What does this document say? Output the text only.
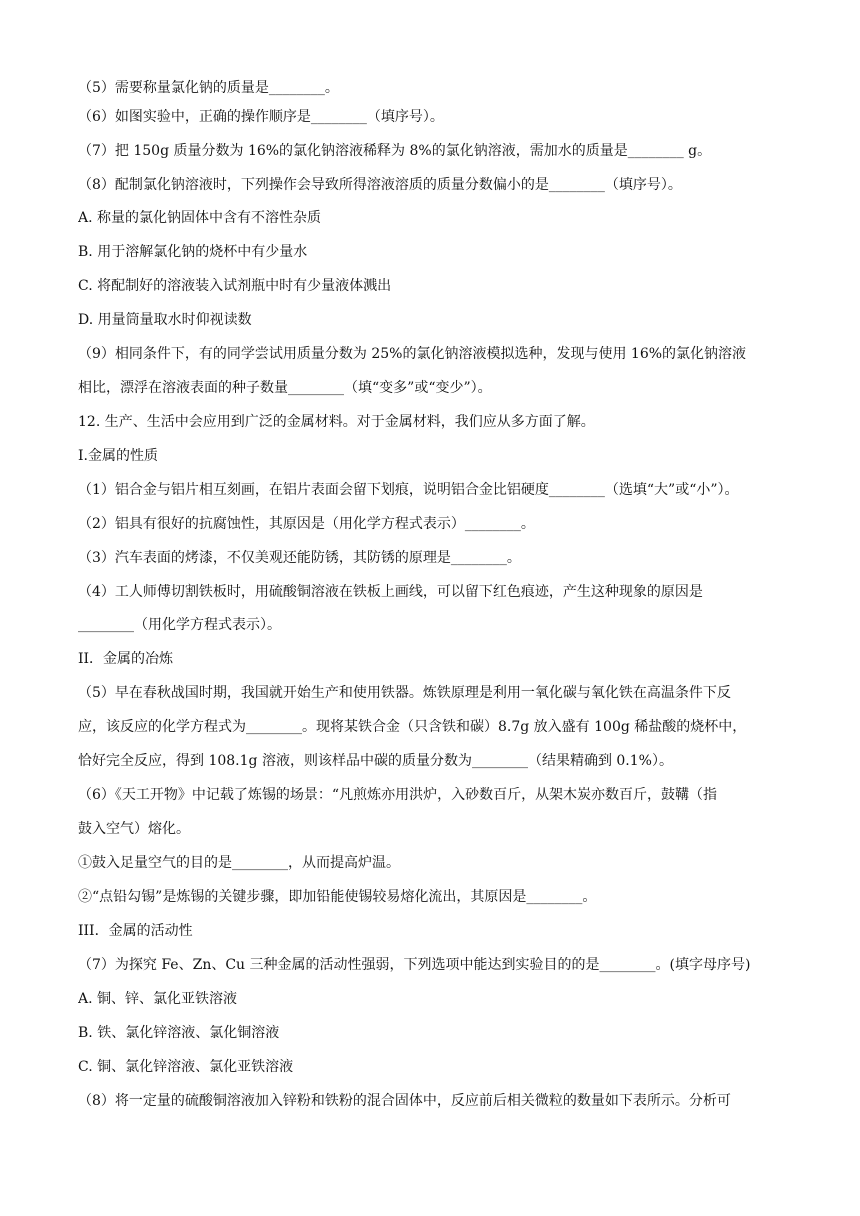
（5）需要称量氯化钠的质量是________。
（6）如图实验中，正确的操作顺序是________（填序号）。
（7）把 150g 质量分数为 16%的氯化钠溶液稀释为 8%的氯化钠溶液，需加水的质量是________ g。
（8）配制氯化钠溶液时，下列操作会导致所得溶液溶质的质量分数偏小的是________（填序号）。
A. 称量的氯化钠固体中含有不溶性杂质
B. 用于溶解氯化钠的烧杯中有少量水
C. 将配制好的溶液装入试剂瓶中时有少量液体溅出
D. 用量筒量取水时仰视读数
（9）相同条件下，有的同学尝试用质量分数为 25%的氯化钠溶液模拟选种，发现与使用 16%的氯化钠溶液
相比，漂浮在溶液表面的种子数量________（填“变多”或“变少”）。
12. 生产、生活中会应用到广泛的金属材料。对于金属材料，我们应从多方面了解。
I.金属的性质
（1）铝合金与铝片相互刻画，在铝片表面会留下划痕，说明铝合金比铝硬度________（选填“大”或“小”）。
（2）铝具有很好的抗腐蚀性，其原因是（用化学方程式表示）________。
（3）汽车表面的烤漆，不仅美观还能防锈，其防锈的原理是________。
（4）工人师傅切割铁板时，用硫酸铜溶液在铁板上画线，可以留下红色痕迹，产生这种现象的原因是
________（用化学方程式表示）。
II．金属的冶炼
（5）早在春秋战国时期，我国就开始生产和使用铁器。炼铁原理是利用一氧化碳与氧化铁在高温条件下反
应，该反应的化学方程式为________。现将某铁合金（只含铁和碳）8.7g 放入盛有 100g 稀盐酸的烧杯中，
恰好完全反应，得到 108.1g 溶液，则该样品中碳的质量分数为________（结果精确到 0.1%）。
（6）《天工开物》中记载了炼锡的场景：“凡煎炼亦用洪炉，入砂数百斤，从架木炭亦数百斤，鼓鞲（指
鼓入空气）熔化。
①鼓入足量空气的目的是________，从而提高炉温。
②“点铅勾锡”是炼锡的关键步骤，即加铅能使锡较易熔化流出，其原因是________。
III．金属的活动性
（7）为探究 Fe、Zn、Cu 三种金属的活动性强弱，下列选项中能达到实验目的的是________。(填字母序号)
A. 铜、锌、氯化亚铁溶液
B. 铁、氯化锌溶液、氯化铜溶液
C. 铜、氯化锌溶液、氯化亚铁溶液
（8）将一定量的硫酸铜溶液加入锌粉和铁粉的混合固体中，反应前后相关微粒的数量如下表所示。分析可
